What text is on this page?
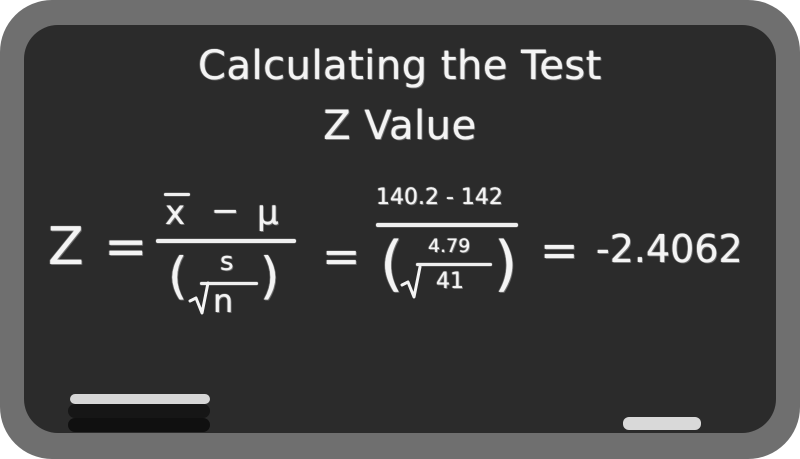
Calculating the Test
Z Value
Z =
x − μ
( s
n ) =
140.2 - 142
( 4.79
41 ) = -2.4062
